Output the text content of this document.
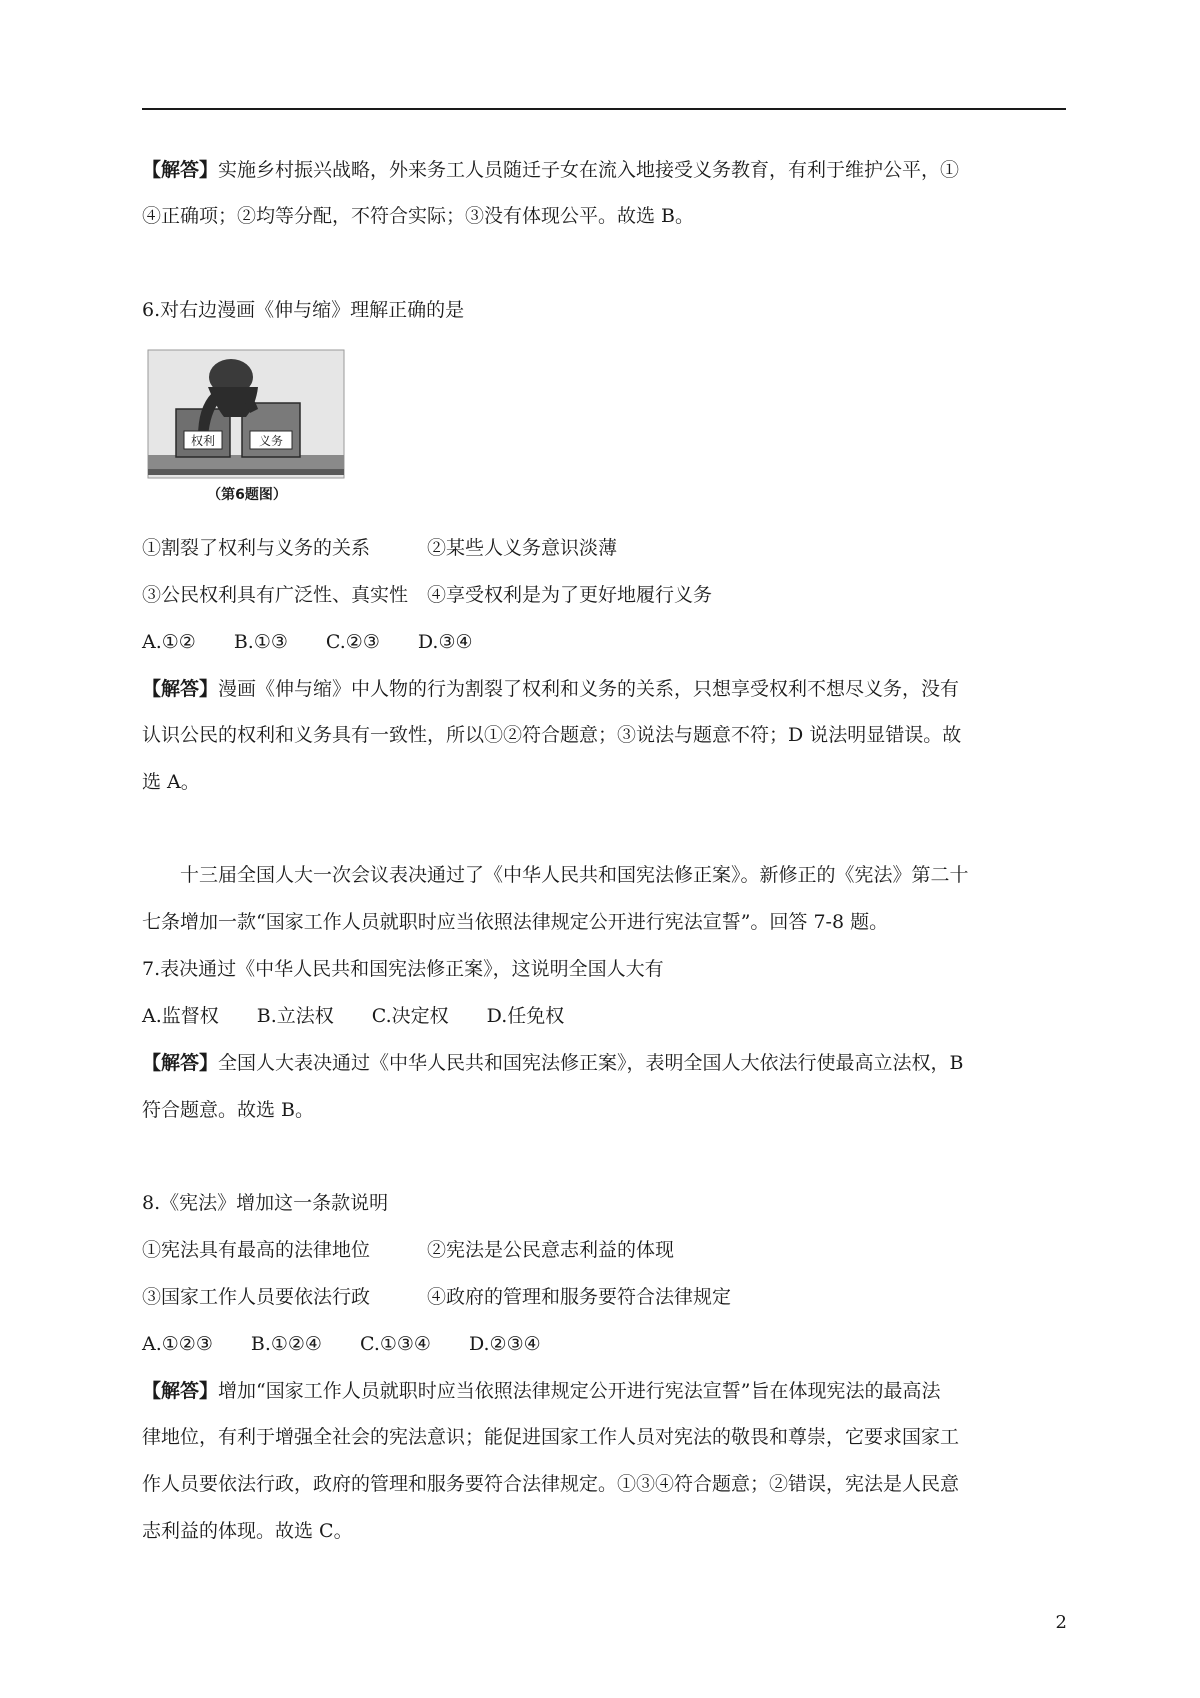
【解答】实施乡村振兴战略，外来务工人员随迁子女在流入地接受义务教育，有利于维护公平，①
④正确项；②均等分配，不符合实际；③没有体现公平。故选 B。
6.对右边漫画《伸与缩》理解正确的是
权利	义务
（第6题图）
①割裂了权利与义务的关系　　　②某些人义务意识淡薄
③公民权利具有广泛性、真实性　④享受权利是为了更好地履行义务
A.①②　　B.①③　　C.②③　　D.③④
【解答】漫画《伸与缩》中人物的行为割裂了权利和义务的关系，只想享受权利不想尽义务，没有
认识公民的权利和义务具有一致性，所以①②符合题意；③说法与题意不符；D 说法明显错误。故
选 A。
　　十三届全国人大一次会议表决通过了《中华人民共和国宪法修正案》。新修正的《宪法》第二十
七条增加一款“国家工作人员就职时应当依照法律规定公开进行宪法宣誓”。回答 7-8 题。
7.表决通过《中华人民共和国宪法修正案》，这说明全国人大有
A.监督权　　B.立法权　　C.决定权　　D.任免权
【解答】全国人大表决通过《中华人民共和国宪法修正案》，表明全国人大依法行使最高立法权，B
符合题意。故选 B。
8.《宪法》增加这一条款说明
①宪法具有最高的法律地位　　　②宪法是公民意志利益的体现
③国家工作人员要依法行政　　　④政府的管理和服务要符合法律规定
A.①②③　　B.①②④　　C.①③④　　D.②③④
【解答】增加“国家工作人员就职时应当依照法律规定公开进行宪法宣誓”旨在体现宪法的最高法
律地位，有利于增强全社会的宪法意识；能促进国家工作人员对宪法的敬畏和尊崇，它要求国家工
作人员要依法行政，政府的管理和服务要符合法律规定。①③④符合题意；②错误，宪法是人民意
志利益的体现。故选 C。
2
